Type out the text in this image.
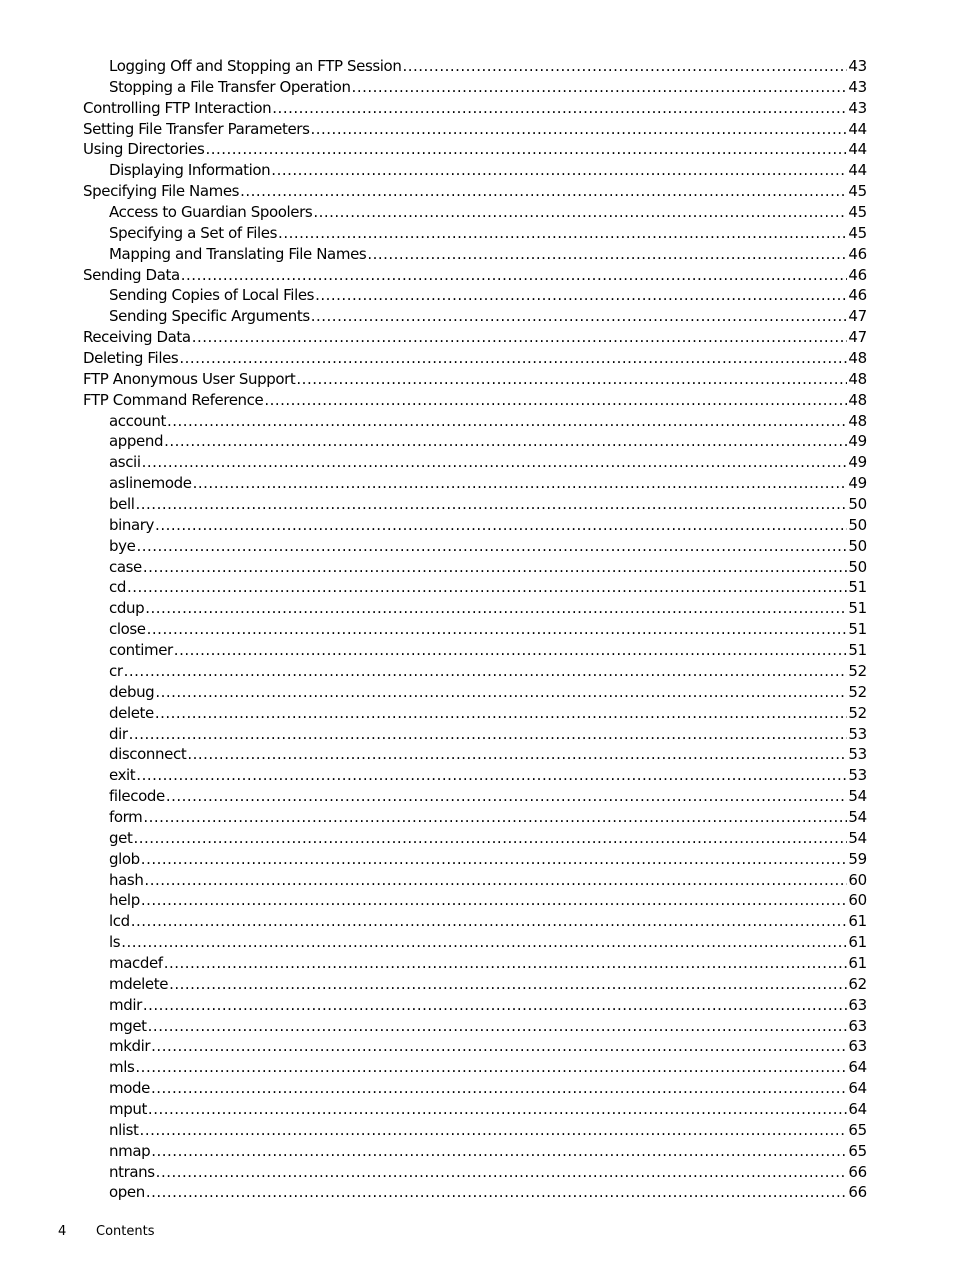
Logging Off and Stopping an FTP Session .....	43
Stopping a File Transfer Operation .....	43
Controlling FTP Interaction .....	43
Setting File Transfer Parameters .....	44
Using Directories .....	44
Displaying Information .....	44
Specifying File Names .....	45
Access to Guardian Spoolers .....	45
Specifying a Set of Files .....	45
Mapping and Translating File Names .....	46
Sending Data .....	46
Sending Copies of Local Files .....	46
Sending Specific Arguments .....	47
Receiving Data .....	47
Deleting Files .....	48
FTP Anonymous User Support .....	48
FTP Command Reference .....	48
account .....	48
append .....	49
ascii .....	49
aslinemode .....	49
bell .....	50
binary .....	50
bye .....	50
case .....	50
cd .....	51
cdup .....	51
close .....	51
contimer .....	51
cr .....	52
debug .....	52
delete .....	52
dir .....	53
disconnect .....	53
exit .....	53
filecode .....	54
form .....	54
get .....	54
glob .....	59
hash .....	60
help .....	60
lcd .....	61
ls .....	61
macdef .....	61
mdelete .....	62
mdir .....	63
mget .....	63
mkdir .....	63
mls .....	64
mode .....	64
mput .....	64
nlist .....	65
nmap .....	65
ntrans .....	66
open .....	66
4 Contents
